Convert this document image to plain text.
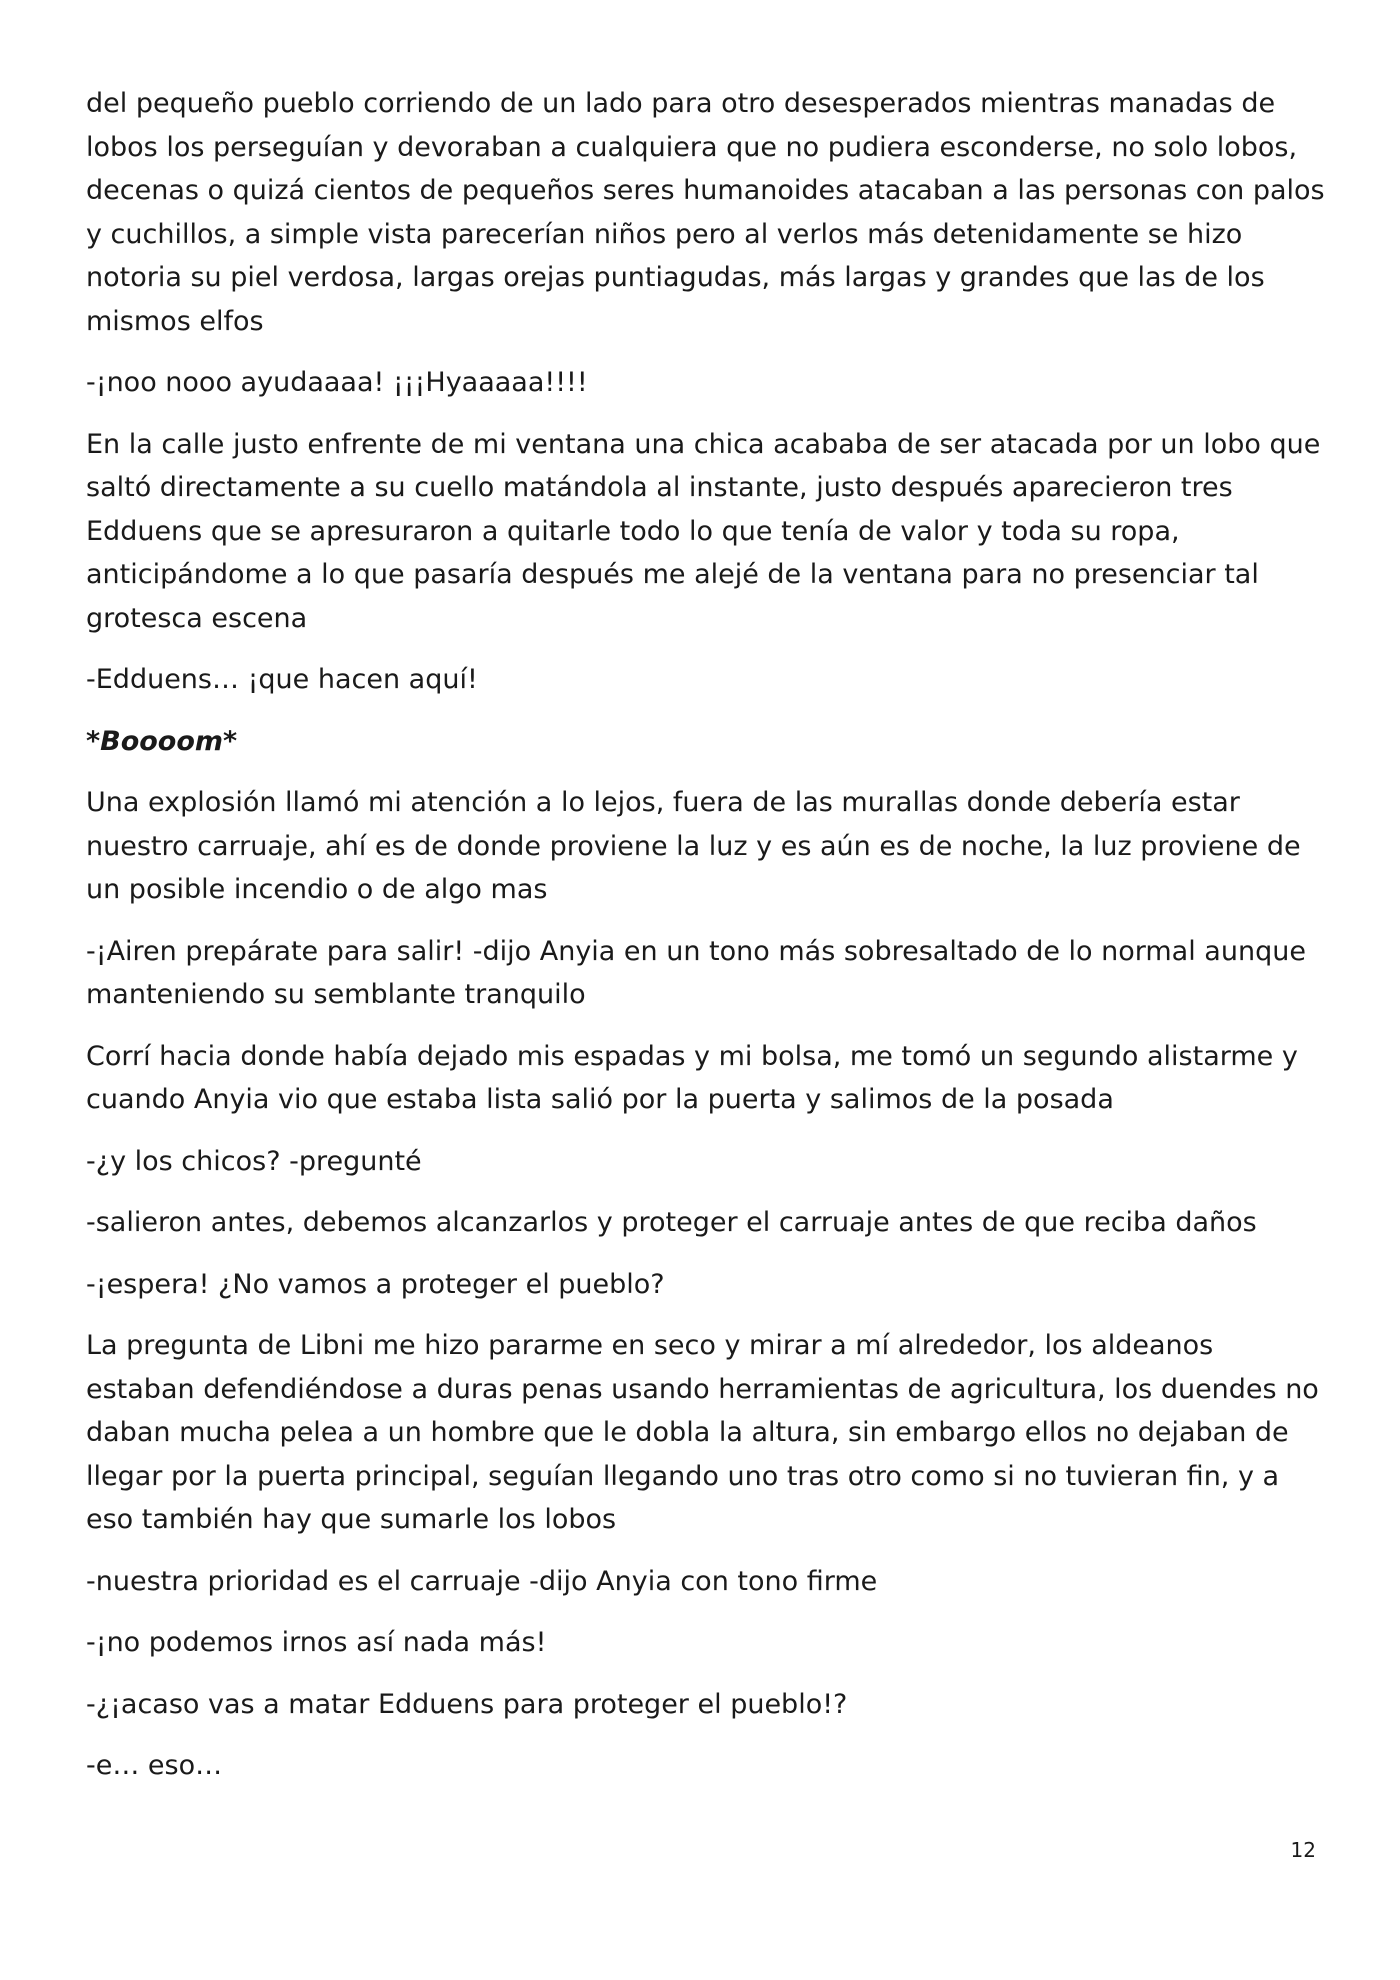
del pequeño pueblo corriendo de un lado para otro desesperados mientras manadas de lobos los perseguían y devoraban a cualquiera que no pudiera esconderse, no solo lobos, decenas o quizá cientos de pequeños seres humanoides atacaban a las personas con palos y cuchillos, a simple vista parecerían niños pero al verlos más detenidamente se hizo notoria su piel verdosa, largas orejas puntiagudas, más largas y grandes que las de los mismos elfos

-¡noo nooo ayudaaaa! ¡¡¡Hyaaaaa!!!!

En la calle justo enfrente de mi ventana una chica acababa de ser atacada por un lobo que saltó directamente a su cuello matándola al instante, justo después aparecieron tres Edduens que se apresuraron a quitarle todo lo que tenía de valor y toda su ropa, anticipándome a lo que pasaría después me alejé de la ventana para no presenciar tal grotesca escena

-Edduens… ¡que hacen aquí!

*Boooom*

Una explosión llamó mi atención a lo lejos, fuera de las murallas donde debería estar nuestro carruaje, ahí es de donde proviene la luz y es aún es de noche, la luz proviene de un posible incendio o de algo mas

-¡Airen prepárate para salir! -dijo Anyia en un tono más sobresaltado de lo normal aunque manteniendo su semblante tranquilo

Corrí hacia donde había dejado mis espadas y mi bolsa, me tomó un segundo alistarme y cuando Anyia vio que estaba lista salió por la puerta y salimos de la posada

-¿y los chicos? -pregunté

-salieron antes, debemos alcanzarlos y proteger el carruaje antes de que reciba daños

-¡espera! ¿No vamos a proteger el pueblo?

La pregunta de Libni me hizo pararme en seco y mirar a mí alrededor, los aldeanos estaban defendiéndose a duras penas usando herramientas de agricultura, los duendes no daban mucha pelea a un hombre que le dobla la altura, sin embargo ellos no dejaban de llegar por la puerta principal, seguían llegando uno tras otro como si no tuvieran fin, y a eso también hay que sumarle los lobos

-nuestra prioridad es el carruaje -dijo Anyia con tono firme

-¡no podemos irnos así nada más!

-¿¡acaso vas a matar Edduens para proteger el pueblo!?

-e… eso…

12
